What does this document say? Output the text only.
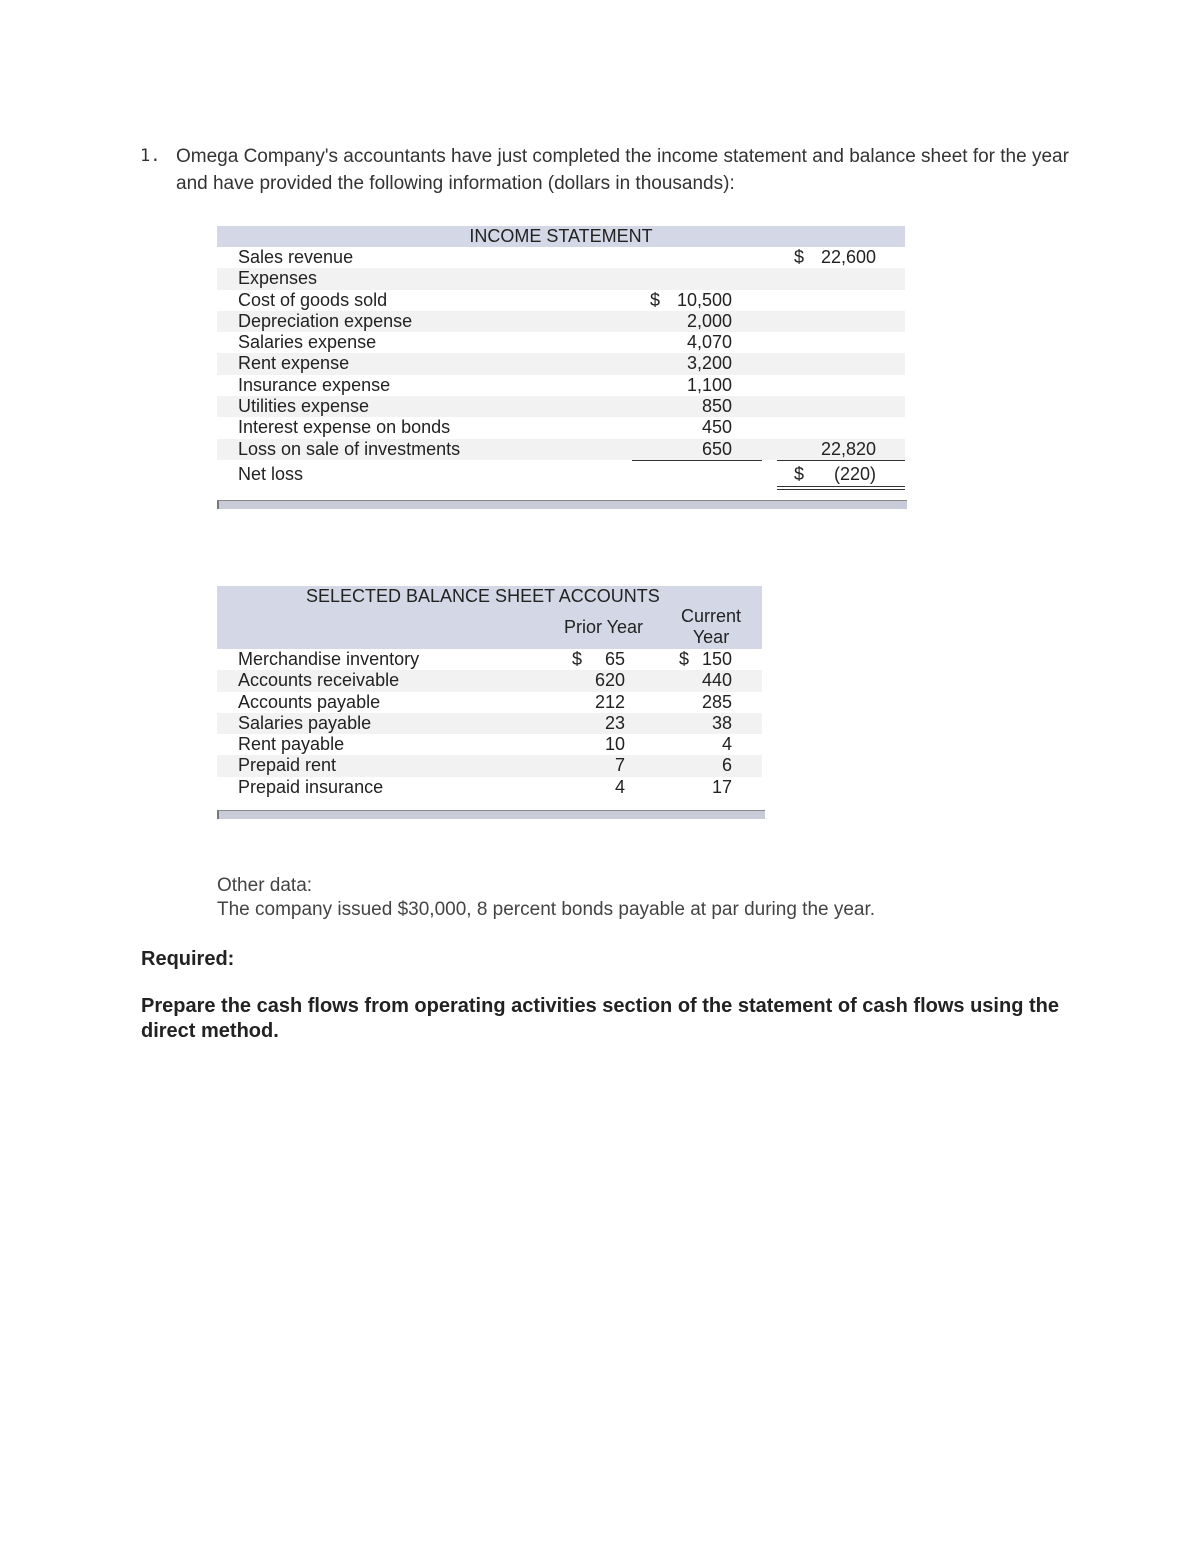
1. Omega Company's accountants have just completed the income statement and balance sheet for the year and have provided the following information (dollars in thousands):
INCOME STATEMENT
Sales revenue	$ 22,600
Expenses
Cost of goods sold	$ 10,500
Depreciation expense	2,000
Salaries expense	4,070
Rent expense	3,200
Insurance expense	1,100
Utilities expense	850
Interest expense on bonds	450
Loss on sale of investments	650	22,820
Net loss	$ (220)
SELECTED BALANCE SHEET ACCOUNTS
Prior Year
Current
Year
Merchandise inventory	$ 65	$ 150
Accounts receivable	620	440
Accounts payable	212	285
Salaries payable	23	38
Rent payable	10	4
Prepaid rent	7	6
Prepaid insurance	4	17
Other data:
The company issued $30,000, 8 percent bonds payable at par during the year.
Required:
Prepare the cash flows from operating activities section of the statement of cash flows using the direct method.
